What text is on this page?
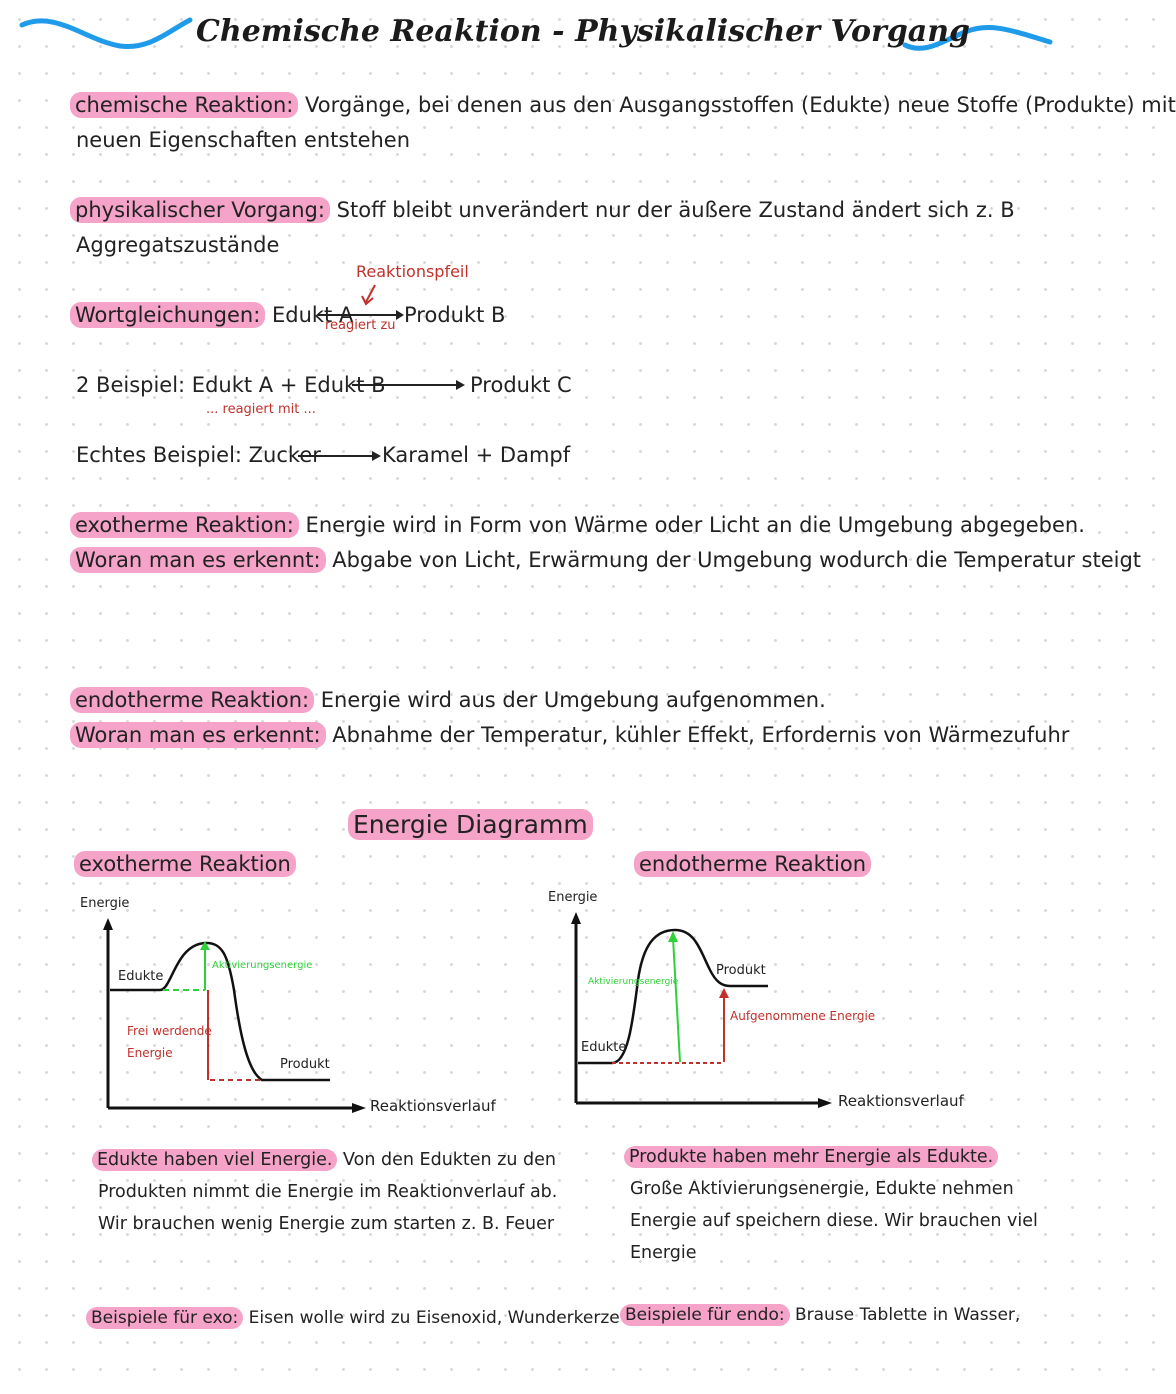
Chemische Reaktion - Physikalischer Vorgang
chemische Reaktion: Vorgänge, bei denen aus den Ausgangsstoffen (Edukte) neue Stoffe (Produkte) mit
neuen Eigenschaften entstehen
physikalischer Vorgang: Stoff bleibt unverändert nur der äußere Zustand ändert sich z. B
Aggregatszustände
Reaktionspfeil
Wortgleichungen: Edukt A Produkt B
reagiert zu
2 Beispiel: Edukt A + Edukt B	Produkt C
... reagiert mit ...
Echtes Beispiel: Zucker	Karamel + Dampf
exotherme Reaktion: Energie wird in Form von Wärme oder Licht an die Umgebung abgegeben.
Woran man es erkennt: Abgabe von Licht, Erwärmung der Umgebung wodurch die Temperatur steigt
endotherme Reaktion: Energie wird aus der Umgebung aufgenommen.
Woran man es erkennt: Abnahme der Temperatur, kühler Effekt, Erfordernis von Wärmezufuhr
Energie Diagramm
exotherme Reaktion	endotherme Reaktion
Energie
Edukte
Aktivierungsenergie
Frei werdende
Energie
Produkt
Reaktionsverlauf
Energie
Aktivierungsenergie
Produkt
Aufgenommene Energie
Edukte
Reaktionsverlauf
Edukte haben viel Energie. Von den Edukten zu den
Produkten nimmt die Energie im Reaktionverlauf ab.
Wir brauchen wenig Energie zum starten z. B. Feuer
Produkte haben mehr Energie als Edukte.
Große Aktivierungsenergie, Edukte nehmen
Energie auf speichern diese. Wir brauchen viel
Energie
Beispiele für exo: Eisen wolle wird zu Eisenoxid, Wunderkerze Beispiele für endo: Brause Tablette in Wasser,
